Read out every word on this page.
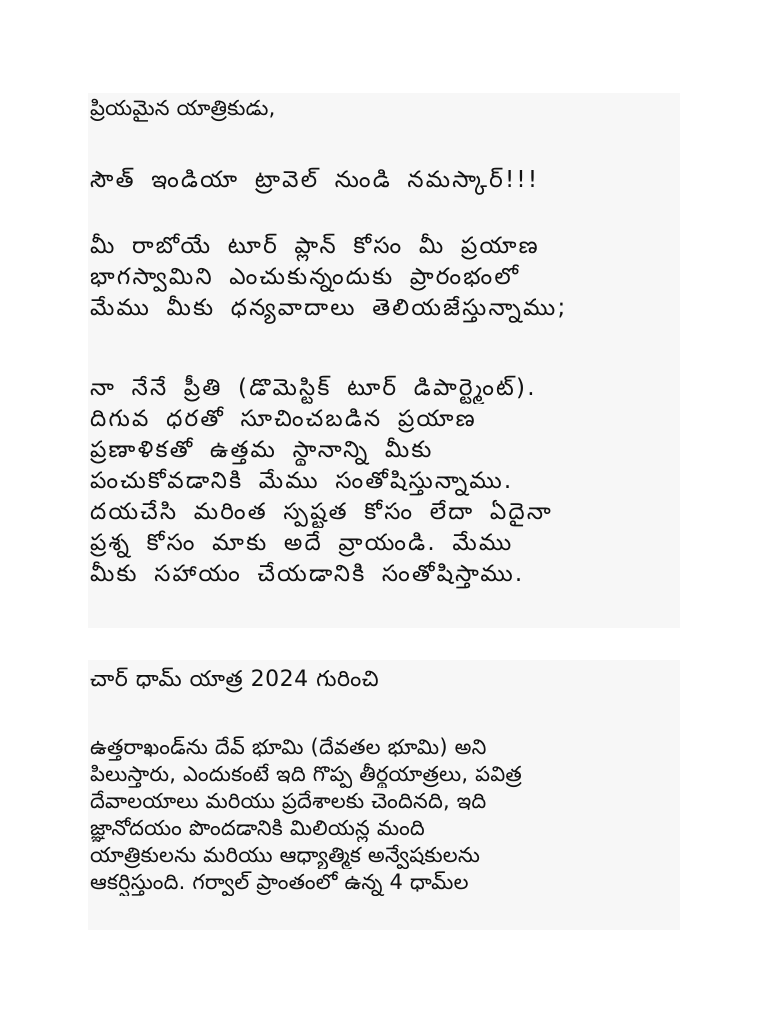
ప్రియమైన యాత్రికుడు,
సౌత్ ఇండియా ట్రావెల్ నుండి నమస్కార్!!!
మీ రాబోయే టూర్ ప్లాన్ కోసం మీ ప్రయాణ
భాగస్వామిని ఎంచుకున్నందుకు ప్రారంభంలో
మేము మీకు ధన్యవాదాలు తెలియజేస్తున్నాము;
నా నేనే ప్రీతి (డొమెస్టిక్ టూర్ డిపార్ట్మెంట్).
దిగువ ధరతో సూచించబడిన ప్రయాణ
ప్రణాళికతో ఉత్తమ స్థానాన్ని మీకు
పంచుకోవడానికి మేము సంతోషిస్తున్నాము.
దయచేసి మరింత స్పష్టత కోసం లేదా ఏదైనా
ప్రశ్న కోసం మాకు అదే వ్రాయండి. మేము
మీకు సహాయం చేయడానికి సంతోషిస్తాము.
చార్ ధామ్ యాత్ర 2024 గురించి
ఉత్తరాఖండ్‌ను దేవ్ భూమి (దేవతల భూమి) అని
పిలుస్తారు, ఎందుకంటే ఇది గొప్ప తీర్థయాత్రలు, పవిత్ర
దేవాలయాలు మరియు ప్రదేశాలకు చెందినది, ఇది
జ్ఞానోదయం పొందడానికి మిలియన్ల మంది
యాత్రికులను మరియు ఆధ్యాత్మిక అన్వేషకులను
ఆకర్షిస్తుంది. గర్వాల్ ప్రాంతంలో ఉన్న 4 ధామ్‌ల
